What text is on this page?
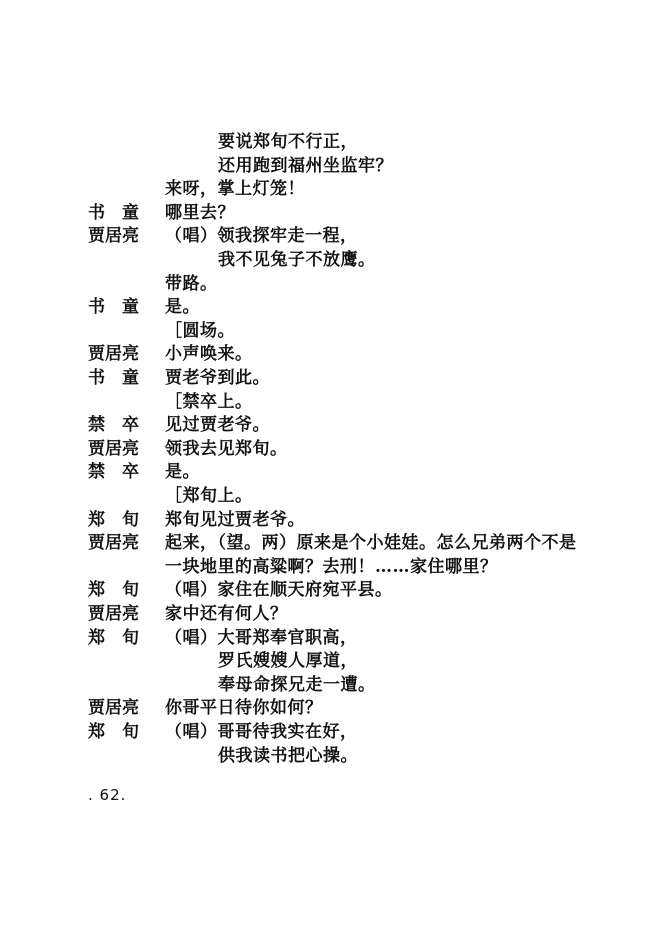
要说郑旬不行正，
还用跑到福州坐监牢？
来呀，掌上灯笼！
书　童 哪里去？
贾居亮 （唱）领我探牢走一程，
我不见兔子不放鹰。
带路。
书　童 是。
［圆场。
贾居亮 小声唤来。
书　童 贾老爷到此。
［禁卒上。
禁　卒 见过贾老爷。
贾居亮 领我去见郑旬。
禁　卒 是。
［郑旬上。
郑　旬 郑旬见过贾老爷。
贾居亮 起来，（望。两）原来是个小娃娃。怎么兄弟两个不是
一块地里的高粱啊？去刑！……家住哪里？
郑　旬 （唱）家住在顺天府宛平县。
贾居亮 家中还有何人？
郑　旬 （唱）大哥郑奉官职高，
罗氏嫂嫂人厚道，
奉母命探兄走一遭。
贾居亮 你哥平日待你如何？
郑　旬 （唱）哥哥待我实在好，
供我读书把心操。
. 62.
